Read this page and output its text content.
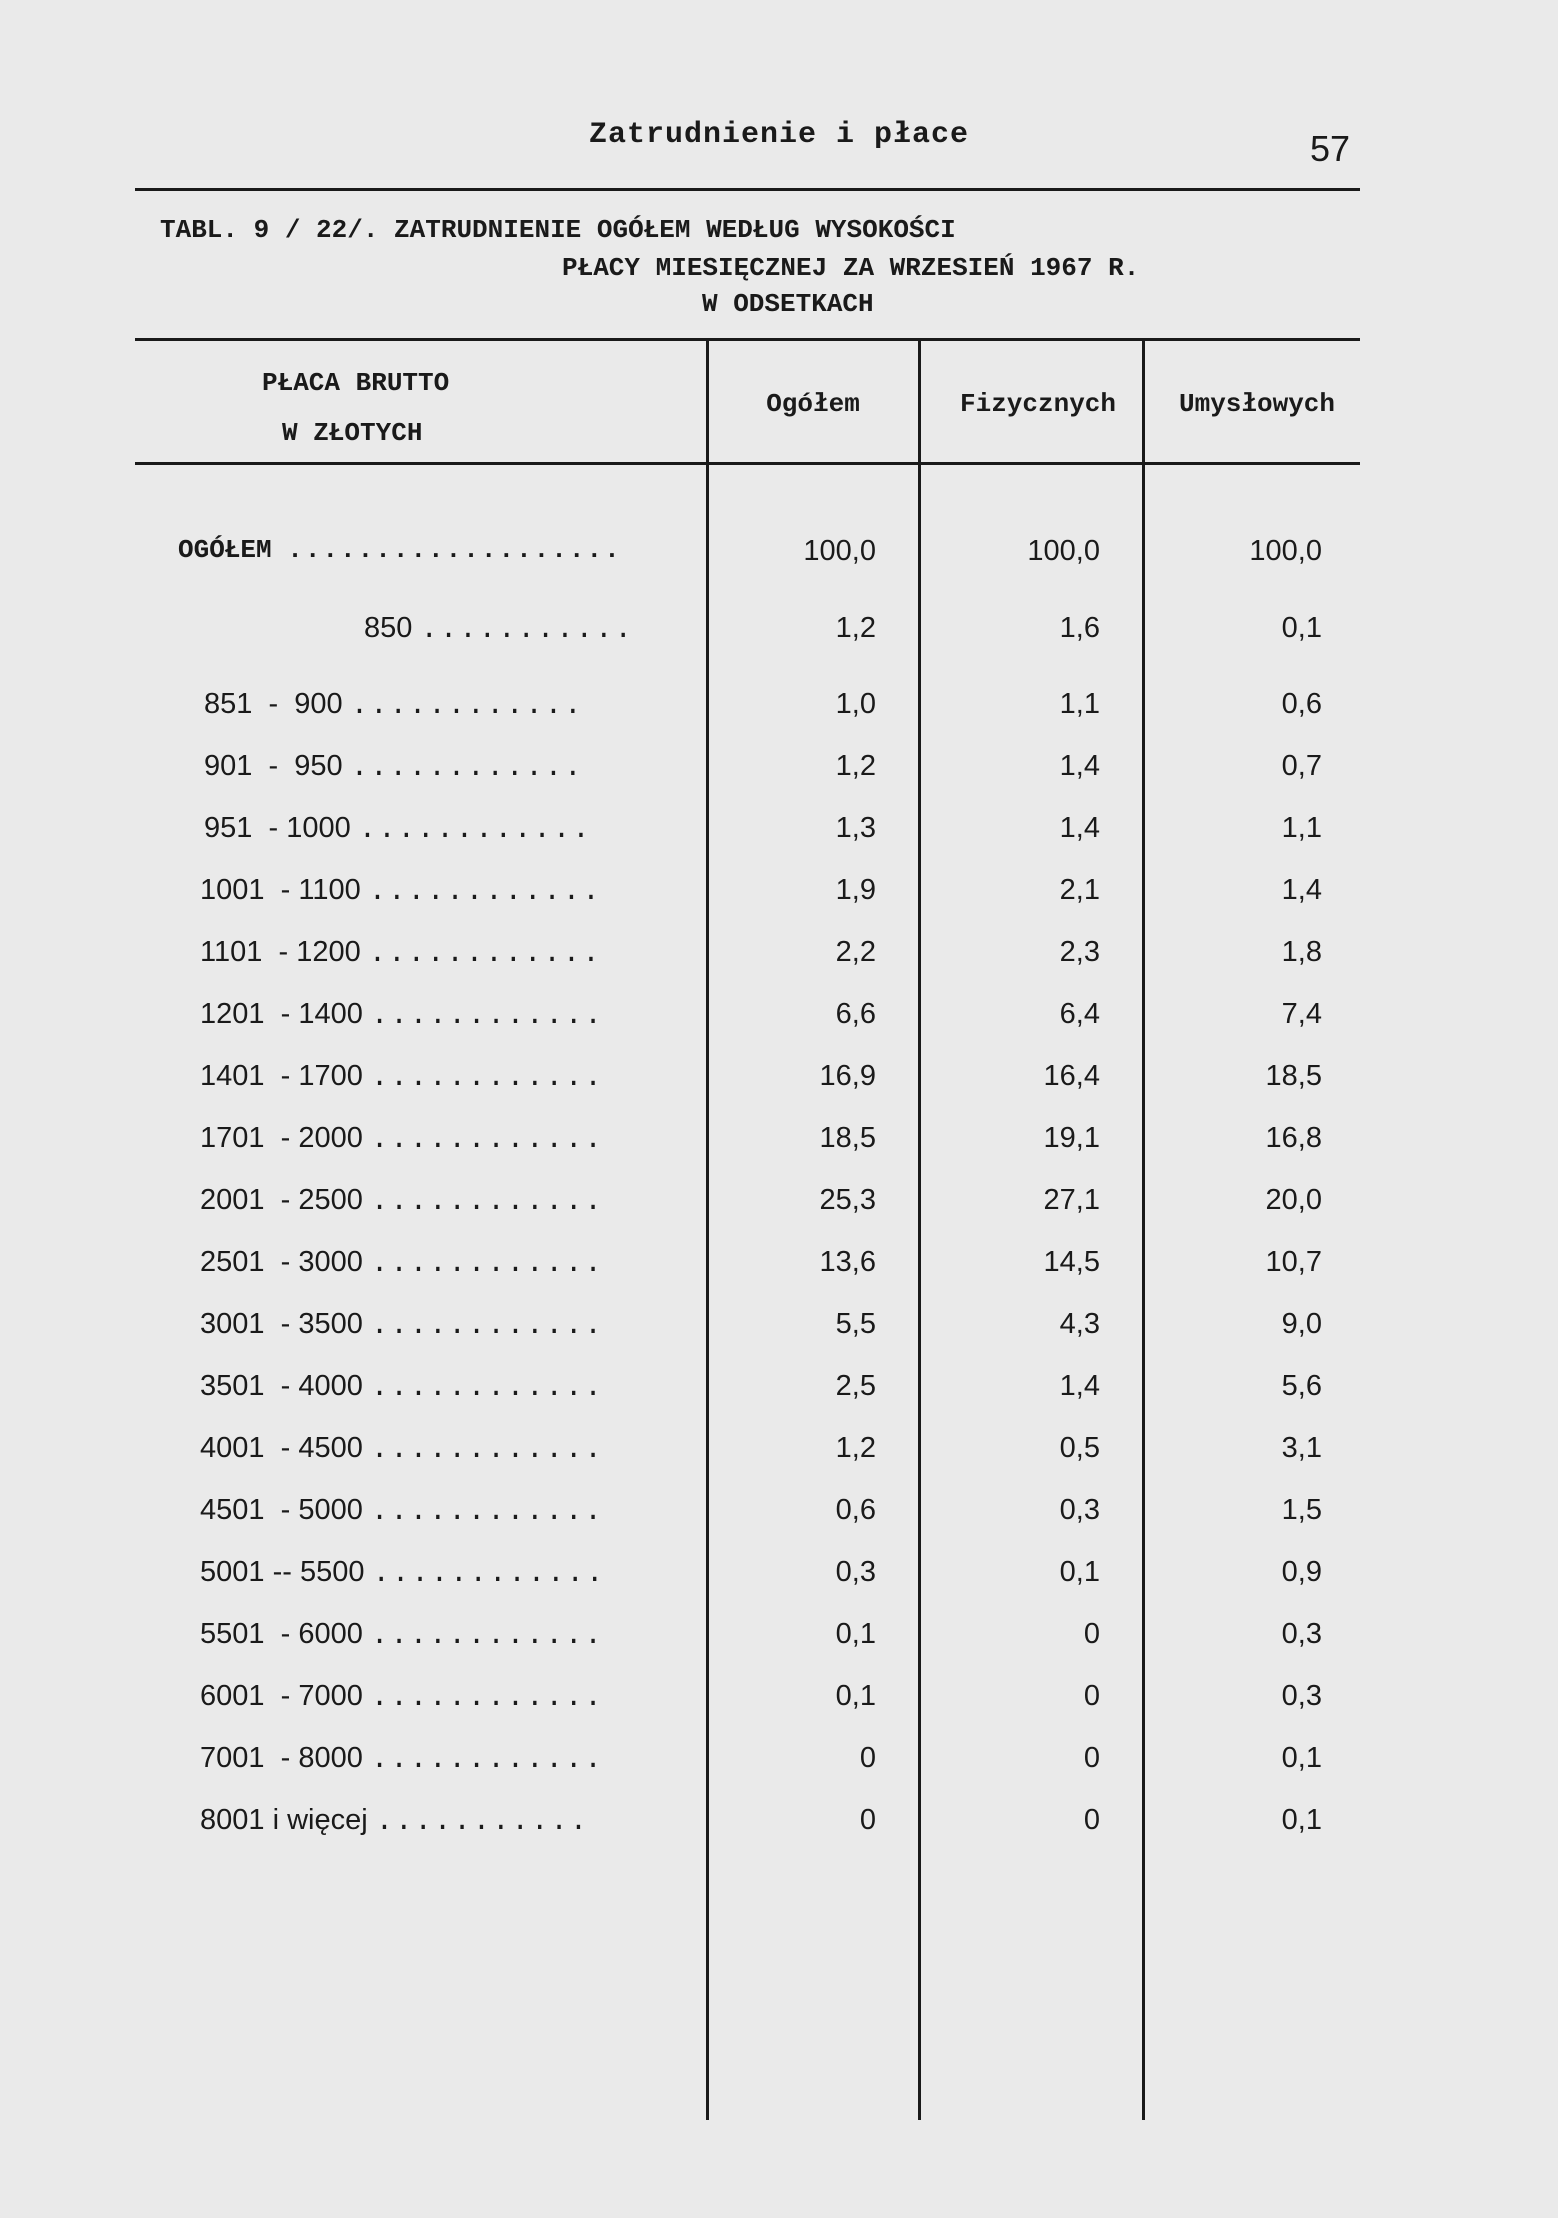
Zatrudnienie i płace	57
TABL. 9 / 22/. ZATRUDNIENIE OGÓŁEM WEDŁUG WYSOKOŚCI
PŁACY MIESIĘCZNEJ ZA WRZESIEŃ 1967 R.
W ODSETKACH
PŁACA BRUTTO
W ZŁOTYCH
Ogółem	Fizycznych	Umysłowych
OGÓŁEM ...................	100,0	100,0	100,0
850 ...........	1,2	1,6	0,1
851  -  900 ............	1,0	1,1	0,6
901  -  950 ............	1,2	1,4	0,7
951  - 1000 ............	1,3	1,4	1,1
1001  - 1100 ............	1,9	2,1	1,4
1101  - 1200 ............	2,2	2,3	1,8
1201  - 1400 ............	6,6	6,4	7,4
1401  - 1700 ............	16,9	16,4	18,5
1701  - 2000 ............	18,5	19,1	16,8
2001  - 2500 ............	25,3	27,1	20,0
2501  - 3000 ............	13,6	14,5	10,7
3001  - 3500 ............	5,5	4,3	9,0
3501  - 4000 ............	2,5	1,4	5,6
4001  - 4500 ............	1,2	0,5	3,1
4501  - 5000 ............	0,6	0,3	1,5
5001 -- 5500 ............	0,3	0,1	0,9
5501  - 6000 ............	0,1	0	0,3
6001  - 7000 ............	0,1	0	0,3
7001  - 8000 ............	0	0	0,1
8001 i więcej ...........	0	0	0,1
